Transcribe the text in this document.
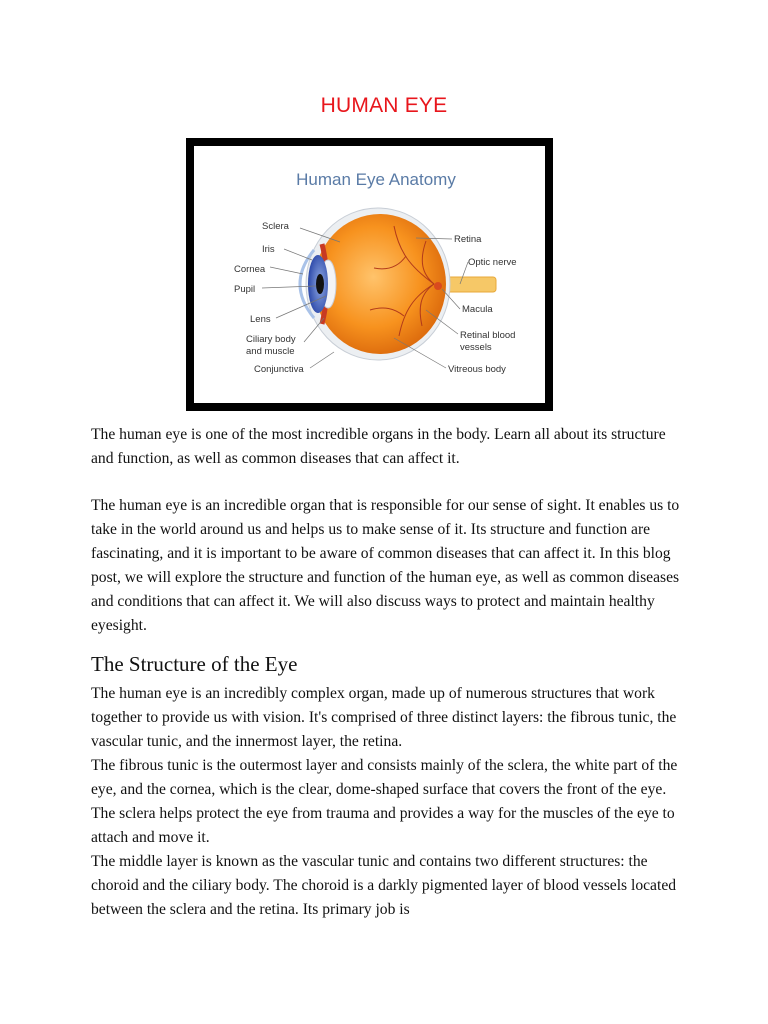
HUMAN EYE
Human Eye Anatomy
Sclera
Iris
Cornea
Pupil
Lens
Ciliary body
and muscle
Conjunctiva
Retina
Optic nerve
Macula
Retinal blood
vessels
Vitreous body

The human eye is one of the most incredible organs in the body. Learn all about its structure and function, as well as common diseases that can affect it.

The human eye is an incredible organ that is responsible for our sense of sight. It enables us to take in the world around us and helps us to make sense of it. Its structure and function are fascinating, and it is important to be aware of common diseases that can affect it. In this blog post, we will explore the structure and function of the human eye, as well as common diseases and conditions that can affect it. We will also discuss ways to protect and maintain healthy eyesight.

The Structure of the Eye

The human eye is an incredibly complex organ, made up of numerous structures that work together to provide us with vision. It's comprised of three distinct layers: the fibrous tunic, the vascular tunic, and the innermost layer, the retina.

The fibrous tunic is the outermost layer and consists mainly of the sclera, the white part of the eye, and the cornea, which is the clear, dome-shaped surface that covers the front of the eye. The sclera helps protect the eye from trauma and provides a way for the muscles of the eye to attach and move it.

The middle layer is known as the vascular tunic and contains two different structures: the choroid and the ciliary body. The choroid is a darkly pigmented layer of blood vessels located between the sclera and the retina. Its primary job is
